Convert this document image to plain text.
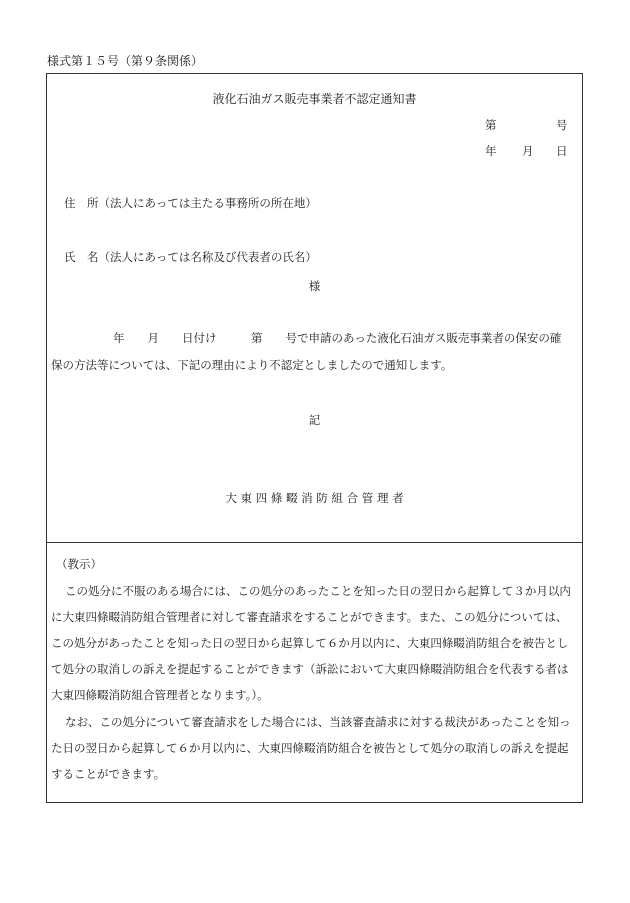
様式第１５号（第９条関係）
液化石油ガス販売事業者不認定通知書
第	号
年 月 日
住　所（法人にあっては主たる事務所の所在地）
氏　名（法人にあっては名称及び代表者の氏名）
様
年　　月　　日付け　　　第　　号で申請のあった液化石油ガス販売事業者の保安の確
保の方法等については、下記の理由により不認定としましたので通知します。
記
大 東 四 條 畷 消 防 組 合 管 理 者
（教示）
この処分に不服のある場合には、この処分のあったことを知った日の翌日から起算して３か月以内
に大東四條畷消防組合管理者に対して審査請求をすることができます。また、この処分については、
この処分があったことを知った日の翌日から起算して６か月以内に、大東四條畷消防組合を被告とし
て処分の取消しの訴えを提起することができます（訴訟において大東四條畷消防組合を代表する者は
大東四條畷消防組合管理者となります。）。
なお、この処分について審査請求をした場合には、当該審査請求に対する裁決があったことを知っ
た日の翌日から起算して６か月以内に、大東四條畷消防組合を被告として処分の取消しの訴えを提起
することができます。
